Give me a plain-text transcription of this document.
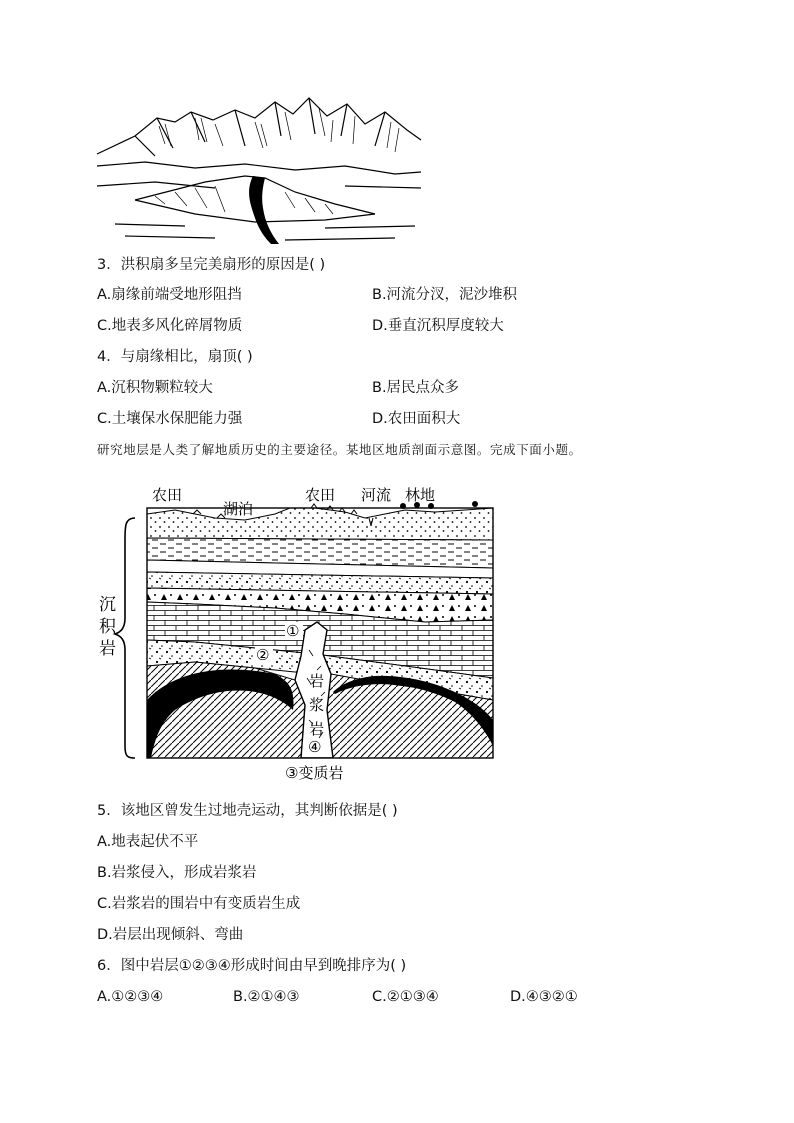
3．洪积扇多呈完美扇形的原因是( )
A.扇缘前端受地形阻挡	B.河流分汊，泥沙堆积
C.地表多风化碎屑物质	D.垂直沉积厚度较大
4．与扇缘相比，扇顶( )
A.沉积物颗粒较大	B.居民点众多
C.土壤保水保肥能力强	D.农田面积大
研究地层是人类了解地质历史的主要途径。某地区地质剖面示意图。完成下面小题。
农田
湖泊
农田 河流 林地
沉
积
岩
①
②
岩
浆
岩
④
③变质岩
5．该地区曾发生过地壳运动，其判断依据是( )
A.地表起伏不平
B.岩浆侵入，形成岩浆岩
C.岩浆岩的围岩中有变质岩生成
D.岩层出现倾斜、弯曲
6．图中岩层①②③④形成时间由早到晚排序为( )
A.①②③④	B.②①④③	C.②①③④	D.④③②①
